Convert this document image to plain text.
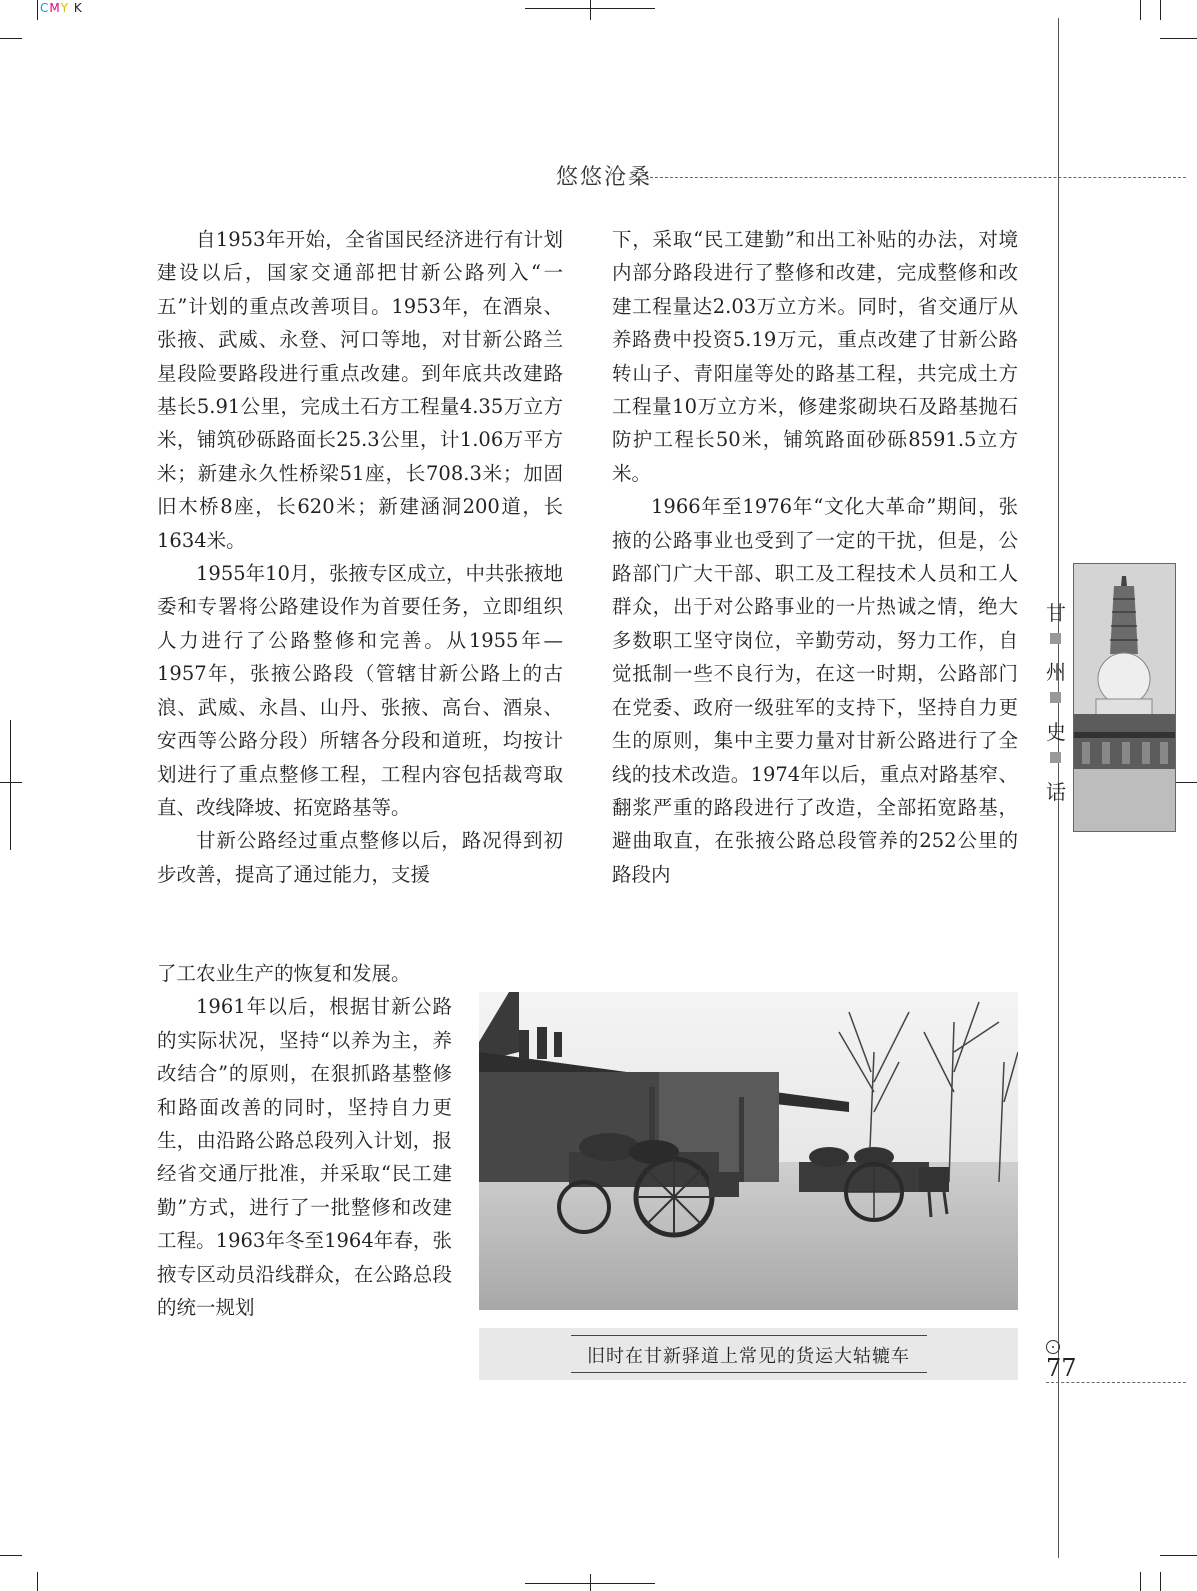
CMY K
悠悠沧桑

自1953年开始，全省国民经济进行有计划建设以后，国家交通部把甘新公路列入“一五”计划的重点改善项目。1953年，在酒泉、张掖、武威、永登、河口等地，对甘新公路兰星段险要路段进行重点改建。到年底共改建路基长5.91公里，完成土石方工程量4.35万立方米，铺筑砂砾路面长25.3公里，计1.06万平方米；新建永久性桥梁51座，长708.3米；加固旧木桥8座，长620米；新建涵洞200道，长1634米。

1955年10月，张掖专区成立，中共张掖地委和专署将公路建设作为首要任务，立即组织人力进行了公路整修和完善。从1955年—1957年，张掖公路段（管辖甘新公路上的古浪、武威、永昌、山丹、张掖、高台、酒泉、安西等公路分段）所辖各分段和道班，均按计划进行了重点整修工程，工程内容包括裁弯取直、改线降坡、拓宽路基等。

甘新公路经过重点整修以后，路况得到初步改善，提高了通过能力，支援

了工农业生产的恢复和发展。

1961年以后，根据甘新公路的实际状况，坚持“以养为主，养改结合”的原则，在狠抓路基整修和路面改善的同时，坚持自力更生，由沿路公路总段列入计划，报经省交通厅批准，并采取“民工建勤”方式，进行了一批整修和改建工程。1963年冬至1964年春，张掖专区动员沿线群众，在公路总段的统一规划

下，采取“民工建勤”和出工补贴的办法，对境内部分路段进行了整修和改建，完成整修和改建工程量达2.03万立方米。同时，省交通厅从养路费中投资5.19万元，重点改建了甘新公路转山子、青阳崖等处的路基工程，共完成土方工程量10万立方米，修建浆砌块石及路基抛石防护工程长50米，铺筑路面砂砾8591.5立方米。

1966年至1976年“文化大革命”期间，张掖的公路事业也受到了一定的干扰，但是，公路部门广大干部、职工及工程技术人员和工人群众，出于对公路事业的一片热诚之情，绝大多数职工坚守岗位，辛勤劳动，努力工作，自觉抵制一些不良行为，在这一时期，公路部门在党委、政府一级驻军的支持下，坚持自力更生的原则，集中主要力量对甘新公路进行了全线的技术改造。1974年以后，重点对路基窄、翻浆严重的路段进行了改造，全部拓宽路基，避曲取直，在张掖公路总段管养的252公里的路段内

旧时在甘新驿道上常见的货运大轱辘车
甘
州
史
话
77
